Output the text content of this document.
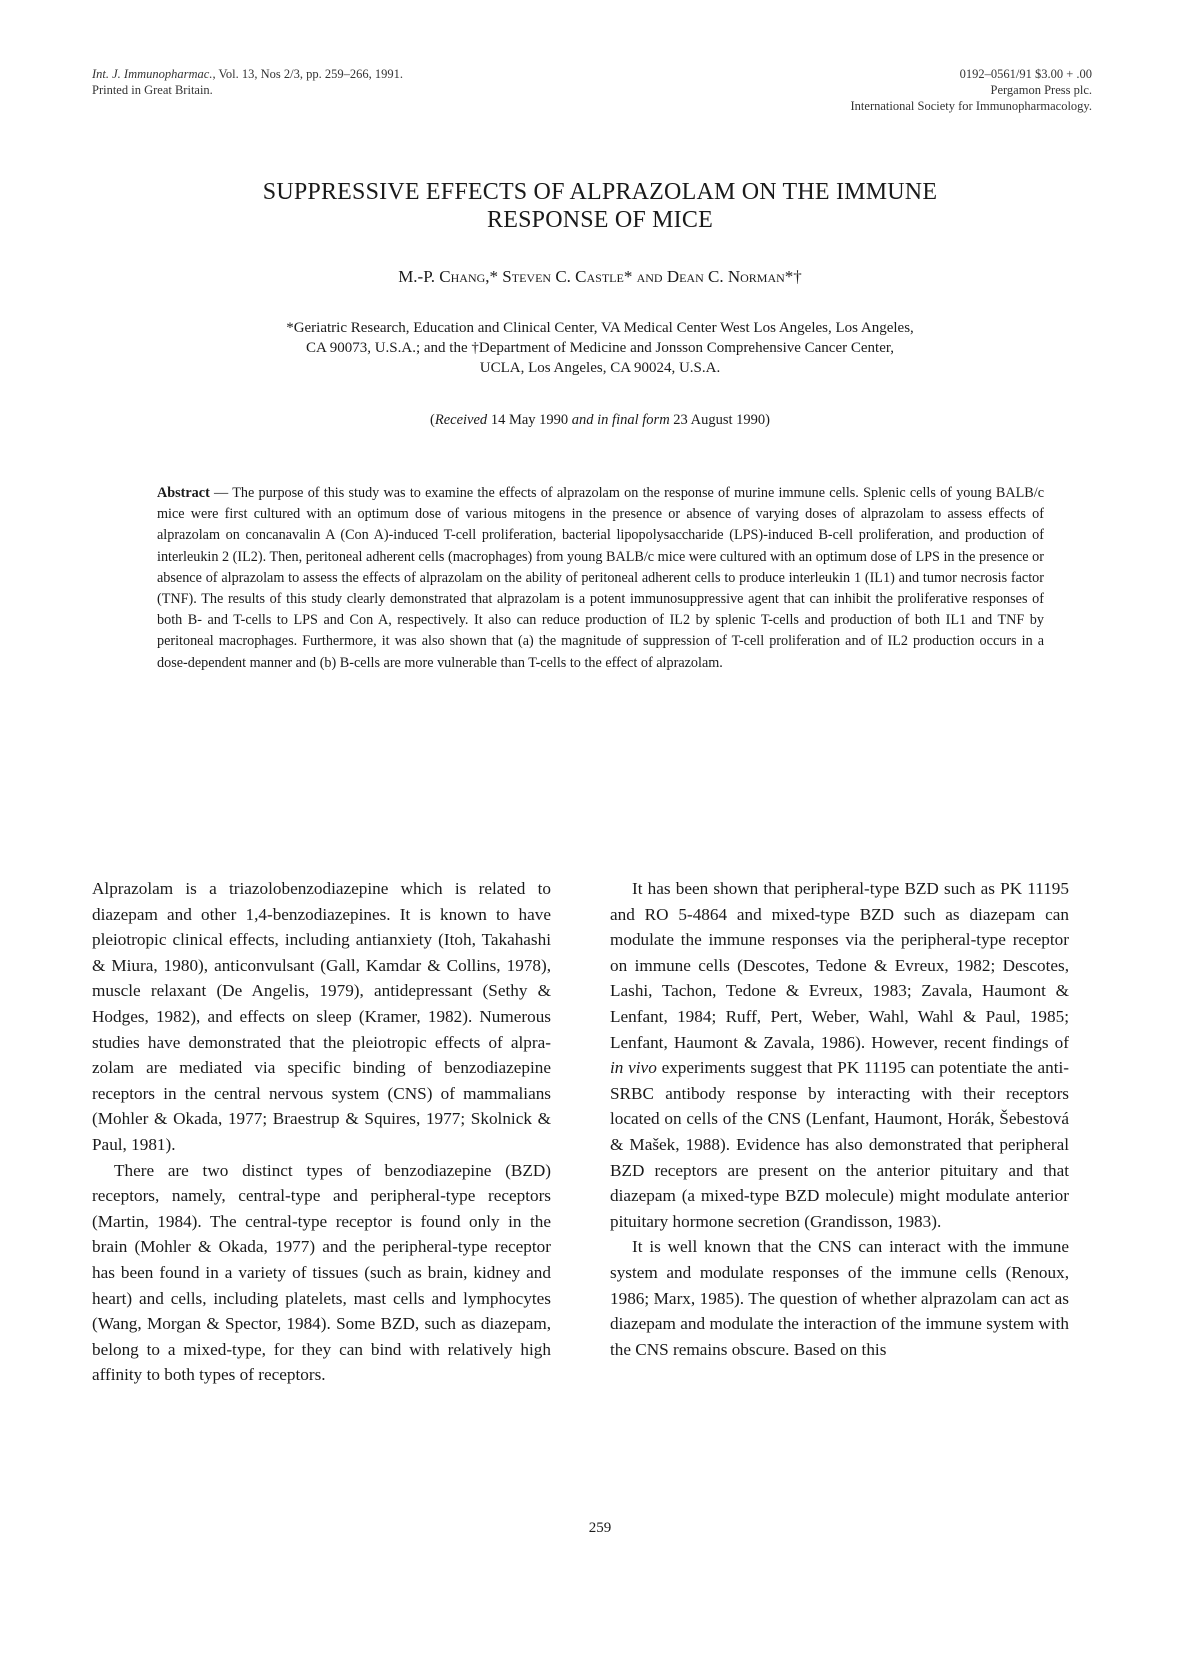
Int. J. Immunopharmac., Vol. 13, Nos 2/3, pp. 259–266, 1991.
Printed in Great Britain.
0192–0561/91 $3.00 + .00
Pergamon Press plc.
International Society for Immunopharmacology.
SUPPRESSIVE EFFECTS OF ALPRAZOLAM ON THE IMMUNE
RESPONSE OF MICE
M.-P. Chang,* Steven C. Castle* and Dean C. Norman*†
*Geriatric Research, Education and Clinical Center, VA Medical Center West Los Angeles, Los Angeles,
CA 90073, U.S.A.; and the †Department of Medicine and Jonsson Comprehensive Cancer Center,
UCLA, Los Angeles, CA 90024, U.S.A.
(Received 14 May 1990 and in final form 23 August 1990)
Abstract — The purpose of this study was to examine the effects of alprazolam on the response of murine immune cells. Splenic cells of young BALB/c mice were first cultured with an optimum dose of various mitogens in the presence or absence of varying doses of alprazolam to assess effects of alprazolam on concanavalin A (Con A)-induced T-cell proliferation, bacterial lipopolysaccharide (LPS)-induced B-cell proliferation, and production of interleukin 2 (IL2). Then, peritoneal adherent cells (macrophages) from young BALB/c mice were cultured with an optimum dose of LPS in the presence or absence of alprazolam to assess the effects of alprazolam on the ability of peritoneal adherent cells to produce interleukin 1 (IL1) and tumor necrosis factor (TNF). The results of this study clearly demonstrated that alprazolam is a potent immunosuppressive agent that can inhibit the proliferative responses of both B- and T-cells to LPS and Con A, respectively. It also can reduce production of IL2 by splenic T-cells and production of both IL1 and TNF by peritoneal macrophages. Furthermore, it was also shown that (a) the magnitude of suppression of T-cell proliferation and of IL2 production occurs in a dose-dependent manner and (b) B-cells are more vulnerable than T-cells to the effect of alprazolam.

Alprazolam is a triazolobenzodiazepine which is related to diazepam and other 1,4-benzodiazepines. It is known to have pleiotropic clinical effects, including antianxiety (Itoh, Takahashi & Miura, 1980), anticonvulsant (Gall, Kamdar & Collins, 1978), muscle relaxant (De Angelis, 1979), antidepressant (Sethy & Hodges, 1982), and effects on sleep (Kramer, 1982). Numerous studies have demonstrated that the pleiotropic effects of alprazolam are mediated via specific binding of benzodiazepine receptors in the central nervous system (CNS) of mammalians (Mohler & Okada, 1977; Braestrup & Squires, 1977; Skolnick & Paul, 1981).

There are two distinct types of benzodiazepine (BZD) receptors, namely, central-type and peripheral-type receptors (Martin, 1984). The central-type receptor is found only in the brain (Mohler & Okada, 1977) and the peripheral-type receptor has been found in a variety of tissues (such as brain, kidney and heart) and cells, including platelets, mast cells and lymphocytes (Wang, Morgan & Spector, 1984). Some BZD, such as diazepam, belong to a mixed-type, for they can bind with relatively high affinity to both types of receptors.

It has been shown that peripheral-type BZD such as PK 11195 and RO 5-4864 and mixed-type BZD such as diazepam can modulate the immune responses via the peripheral-type receptor on immune cells (Descotes, Tedone & Evreux, 1982; Descotes, Lashi, Tachon, Tedone & Evreux, 1983; Zavala, Haumont & Lenfant, 1984; Ruff, Pert, Weber, Wahl, Wahl & Paul, 1985; Lenfant, Haumont & Zavala, 1986). However, recent findings of in vivo experiments suggest that PK 11195 can potentiate the anti-SRBC antibody response by interacting with their receptors located on cells of the CNS (Lenfant, Haumont, Horák, Šebestová & Mašek, 1988). Evidence has also demonstrated that peripheral BZD receptors are present on the anterior pituitary and that diazepam (a mixed-type BZD molecule) might modulate anterior pituitary hormone secretion (Grandisson, 1983).

It is well known that the CNS can interact with the immune system and modulate responses of the immune cells (Renoux, 1986; Marx, 1985). The question of whether alprazolam can act as diazepam and modulate the interaction of the immune system with the CNS remains obscure. Based on this

259
